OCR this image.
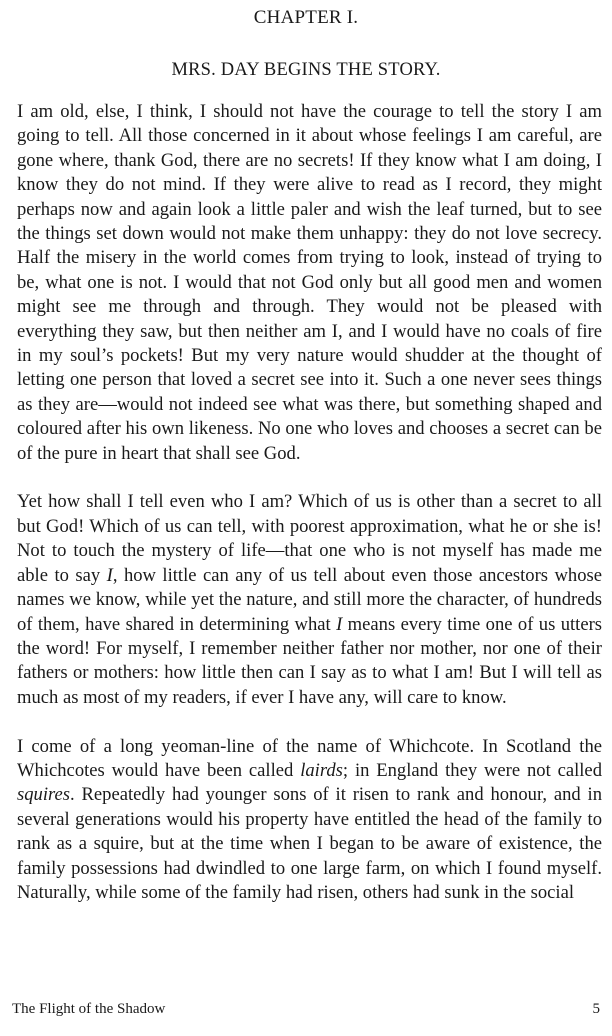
CHAPTER I.
MRS. DAY BEGINS THE STORY.

I am old, else, I think, I should not have the courage to tell the story I am going to tell. All those concerned in it about whose feelings I am careful, are gone where, thank God, there are no secrets! If they know what I am doing, I know they do not mind. If they were alive to read as I record, they might perhaps now and again look a little paler and wish the leaf turned, but to see the things set down would not make them unhappy: they do not love secrecy. Half the misery in the world comes from trying to look, instead of trying to be, what one is not. I would that not God only but all good men and women might see me through and through. They would not be pleased with everything they saw, but then neither am I, and I would have no coals of fire in my soul’s pockets! But my very nature would shudder at the thought of letting one person that loved a secret see into it. Such a one never sees things as they are—would not indeed see what was there, but something shaped and coloured after his own likeness. No one who loves and chooses a secret can be of the pure in heart that shall see God.

Yet how shall I tell even who I am? Which of us is other than a secret to all but God! Which of us can tell, with poorest approximation, what he or she is! Not to touch the mystery of life—that one who is not myself has made me able to say I, how little can any of us tell about even those ancestors whose names we know, while yet the nature, and still more the character, of hundreds of them, have shared in determining what I means every time one of us utters the word! For myself, I remember neither father nor mother, nor one of their fathers or mothers: how little then can I say as to what I am! But I will tell as much as most of my readers, if ever I have any, will care to know.

I come of a long yeoman-line of the name of Whichcote. In Scotland the Whichcotes would have been called lairds; in England they were not called squires. Repeatedly had younger sons of it risen to rank and honour, and in several generations would his property have entitled the head of the family to rank as a squire, but at the time when I began to be aware of existence, the family possessions had dwindled to one large farm, on which I found myself. Naturally, while some of the family had risen, others had sunk in the social

The Flight of the Shadow	5
